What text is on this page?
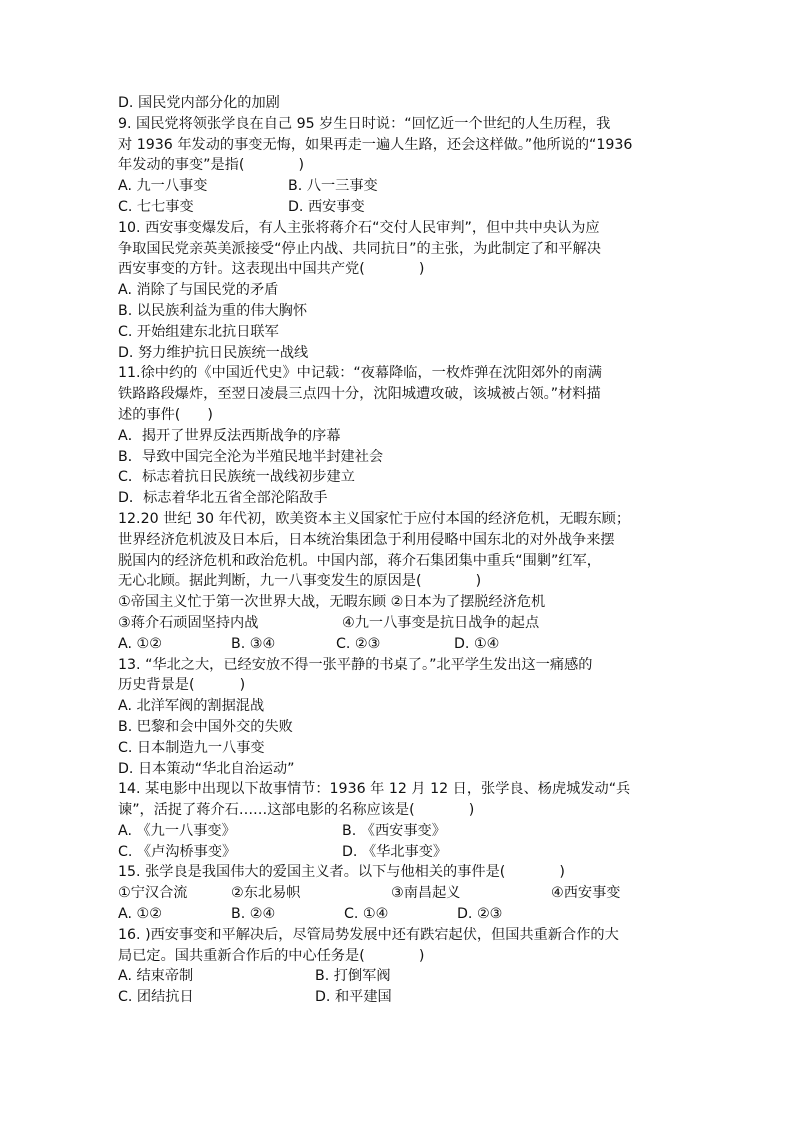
D. 国民党内部分化的加剧
9. 国民党将领张学良在自己 95 岁生日时说：“回忆近一个世纪的人生历程，我
对 1936 年发动的事变无悔，如果再走一遍人生路，还会这样做。”他所说的“1936
年发动的事变”是指(            )
A. 九一八事变	B. 八一三事变
C. 七七事变	D. 西安事变
10. 西安事变爆发后，有人主张将蒋介石“交付人民审判”，但中共中央认为应
争取国民党亲英美派接受“停止内战、共同抗日”的主张，为此制定了和平解决
西安事变的方针。这表现出中国共产党(            )
A. 消除了与国民党的矛盾
B. 以民族利益为重的伟大胸怀
C. 开始组建东北抗日联军
D. 努力维护抗日民族统一战线
11.徐中约的《中国近代史》中记载：“夜幕降临，一枚炸弹在沈阳郊外的南满
铁路路段爆炸，至翌日凌晨三点四十分，沈阳城遭攻破，该城被占领。”材料描
述的事件(      )
A．揭开了世界反法西斯战争的序幕
B．导致中国完全沦为半殖民地半封建社会
C．标志着抗日民族统一战线初步建立
D．标志着华北五省全部沦陷敌手
12.20 世纪 30 年代初，欧美资本主义国家忙于应付本国的经济危机，无暇东顾；
世界经济危机波及日本后，日本统治集团急于利用侵略中国东北的对外战争来摆
脱国内的经济危机和政治危机。中国内部，蒋介石集团集中重兵“围剿”红军，
无心北顾。据此判断，九一八事变发生的原因是(            )
①帝国主义忙于第一次世界大战，无暇东顾 ②日本为了摆脱经济危机
③蒋介石顽固坚持内战	④九一八事变是抗日战争的起点
A. ①②	B. ③④	C. ②③	D. ①④
13. “华北之大，已经安放不得一张平静的书桌了。”北平学生发出这一痛感的
历史背景是(          )
A. 北洋军阀的割据混战
B. 巴黎和会中国外交的失败
C. 日本制造九一八事变
D. 日本策动“华北自治运动”
14. 某电影中出现以下故事情节：1936 年 12 月 12 日，张学良、杨虎城发动“兵
谏”，活捉了蒋介石……这部电影的名称应该是(            )
A. 《九一八事变》	B. 《西安事变》
C. 《卢沟桥事变》	D. 《华北事变》
15. 张学良是我国伟大的爱国主义者。以下与他相关的事件是(            )
①宁汉合流	②东北易帜	③南昌起义	④西安事变
A. ①②	B. ②④	C. ①④	D. ②③
16. )西安事变和平解决后，尽管局势发展中还有跌宕起伏，但国共重新合作的大
局已定。国共重新合作后的中心任务是(            )
A. 结束帝制	B. 打倒军阀
C. 团结抗日	D. 和平建国
